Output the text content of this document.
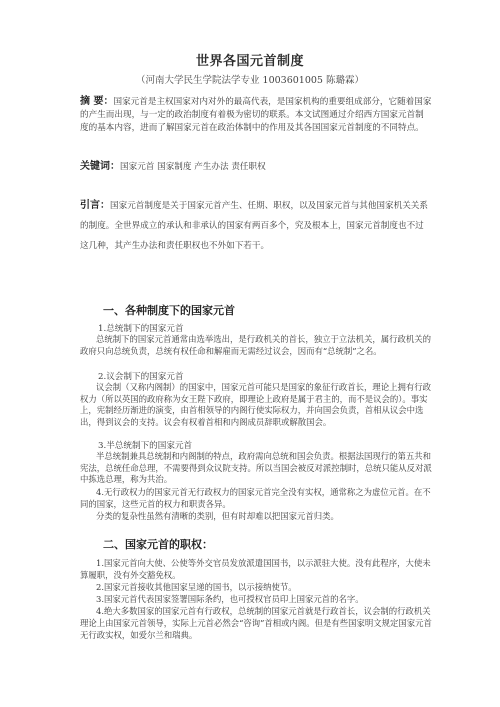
世界各国元首制度
（河南大学民生学院法学专业 1003601005 陈璐霖）
摘 要：国家元首是主权国家对内对外的最高代表，是国家机构的重要组成部分，它随着国家的产生而出现，与一定的政治制度有着极为密切的联系。本文试图通过介绍西方国家元首制度的基本内容，进而了解国家元首在政治体制中的作用及其各国国家元首制度的不同特点。
关键词：国家元首 国家制度 产生办法 责任职权
引言：国家元首制度是关于国家元首产生、任期、职权，以及国家元首与其他国家机关关系的制度。全世界成立的承认和非承认的国家有两百多个，究及根本上，国家元首制度也不过这几种，其产生办法和责任职权也不外如下若干。
一、各种制度下的国家元首
1.总统制下的国家元首
总统制下的国家元首通常由选举选出，是行政机关的首长，独立于立法机关，属行政机关的政府只向总统负责，总统有权任命和解雇而无需经过议会，因而有“总统制”之名。
2.议会制下的国家元首
议会制（又称内阁制）的国家中，国家元首可能只是国家的象征行政首长，理论上拥有行政权力（所以英国的政府称为女王陛下政府，即理论上政府是属于君主的，而不是议会的）。事实上，宪制经历渐进的演变，由首相领导的内阁行使实际权力，并向国会负责，首相从议会中选出，得到议会的支持。议会有权着首相和内阁成员辞职或解散国会。
3.半总统制下的国家元首
半总统制兼具总统制和内阁制的特点，政府需向总统和国会负责。根据法国现行的第五共和宪法，总统任命总理，不需要得到众议院支持。所以当国会被反对派控制时，总统只能从反对派中拣选总理，称为共治。
4.无行政权力的国家元首无行政权力的国家元首完全没有实权，通常称之为虚位元首。在不同的国家，这些元首的权力和职责各异。
分类的复杂性虽然有清晰的类别，但有时却难以把国家元首归类。
二、国家元首的职权：
1.国家元首向大使、公使等外交官员发放派遣国国书，以示派驻大使。没有此程序，大使未算履职，没有外交豁免权。
2.国家元首接收其他国家呈递的国书，以示接纳使节。
3.国家元首代表国家签署国际条约，也可授权官员印上国家元首的名字。
4.绝大多数国家的国家元首有行政权，总统制的国家元首就是行政首长，议会制的行政机关理论上由国家元首领导，实际上元首必然会“咨询”首相或内阁。但是有些国家明文规定国家元首无行政实权，如爱尔兰和瑞典。
